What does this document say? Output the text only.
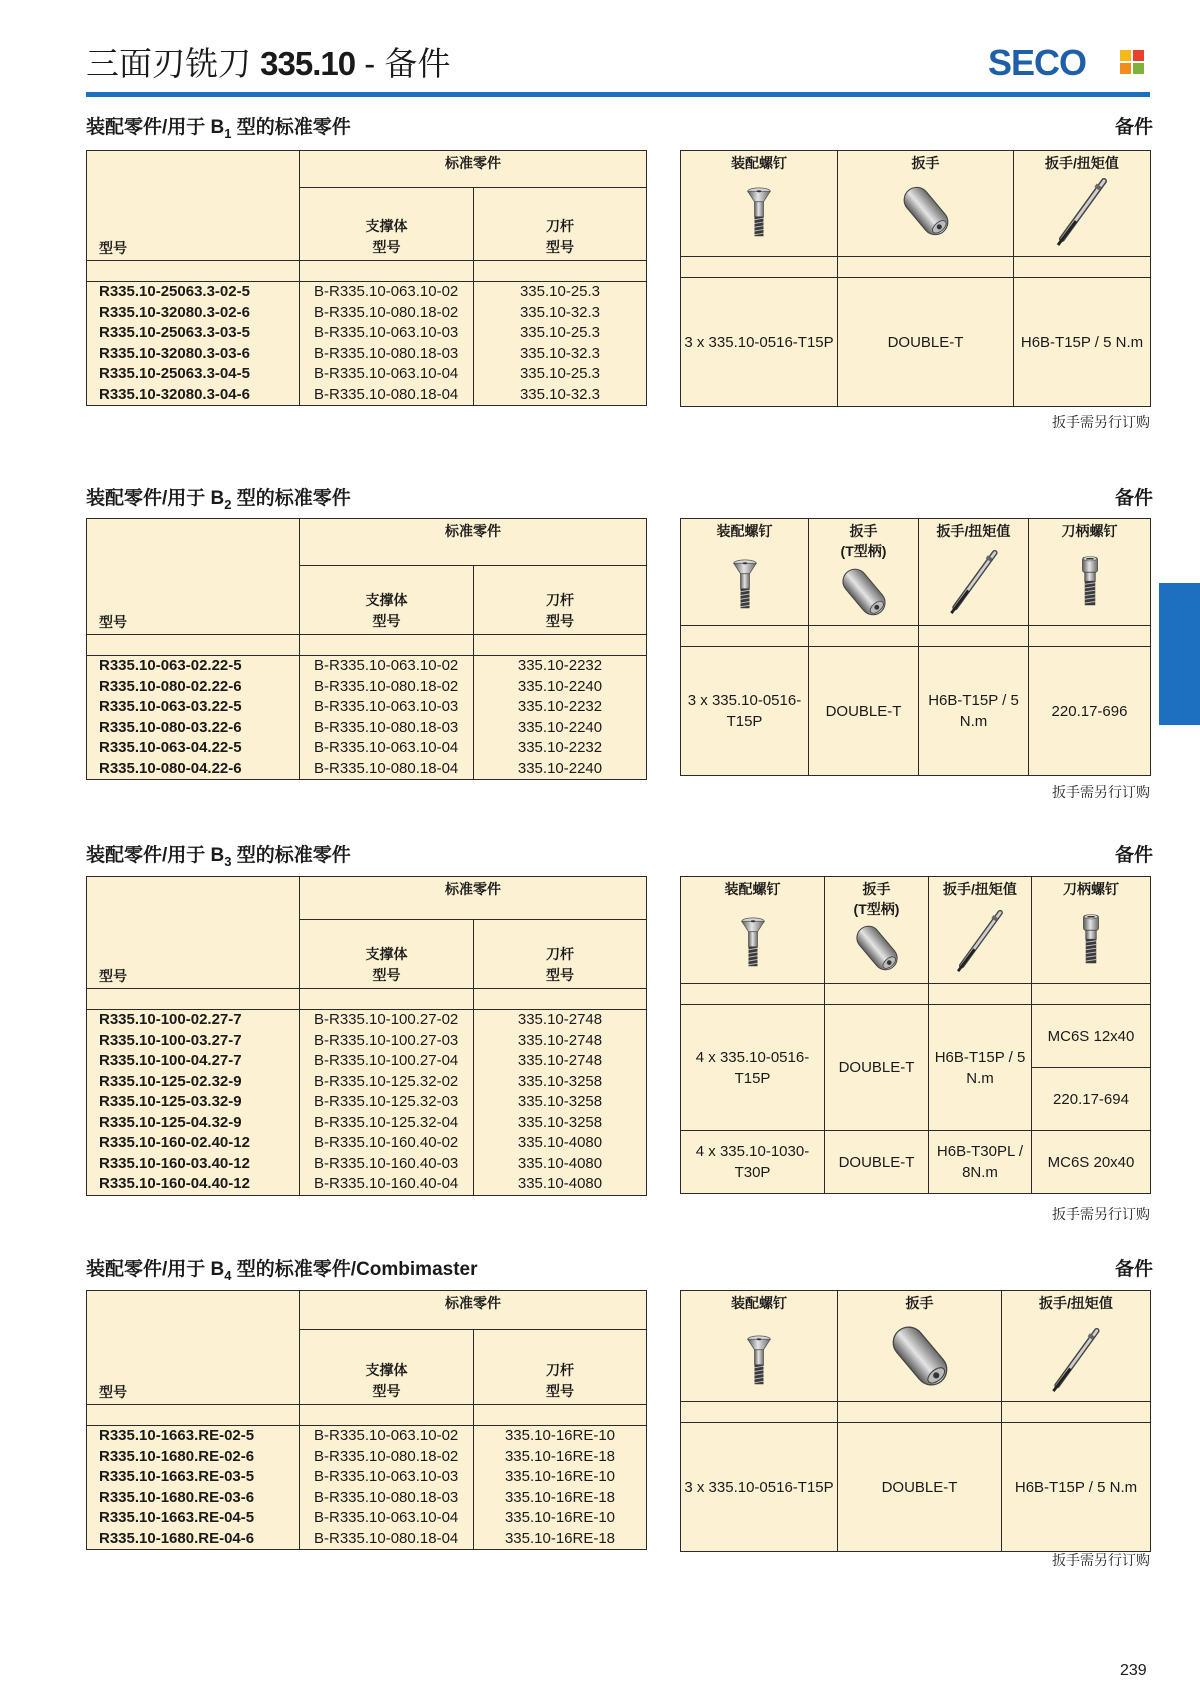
三面刃铣刀 335.10 - 备件	SECO
装配零件/用于 $B_1$ 型的标准零件	备件
型号	标准零件	
	支撑体
型号	刀杆
型号

R335.10-25063.3-02-5	B-R335.10-063.10-02	335.10-25.3
R335.10-32080.3-02-6	B-R335.10-080.18-02	335.10-32.3
R335.10-25063.3-03-5	B-R335.10-063.10-03	335.10-25.3
R335.10-32080.3-03-6	B-R335.10-080.18-03	335.10-32.3
R335.10-25063.3-04-5	B-R335.10-063.10-04	335.10-25.3
R335.10-32080.3-04-6	B-R335.10-080.18-04	335.10-32.3
装配螺钉	扳手	扳手/扭矩值

3 x 335.10-0516-T15P	DOUBLE-T	H6B-T15P / 5 N.m
扳手需另行订购
装配零件/用于 $B_2$ 型的标准零件	备件
型号	标准零件	
	支撑体
型号	刀杆
型号

R335.10-063-02.22-5	B-R335.10-063.10-02	335.10-2232
R335.10-080-02.22-6	B-R335.10-080.18-02	335.10-2240
R335.10-063-03.22-5	B-R335.10-063.10-03	335.10-2232
R335.10-080-03.22-6	B-R335.10-080.18-03	335.10-2240
R335.10-063-04.22-5	B-R335.10-063.10-04	335.10-2232
R335.10-080-04.22-6	B-R335.10-080.18-04	335.10-2240
装配螺钉	扳手
(T型柄)	扳手/扭矩值	刀柄螺钉

3 x 335.10-0516-T15P	DOUBLE-T	H6B-T15P / 5 N.m	220.17-696
扳手需另行订购
装配零件/用于 $B_3$ 型的标准零件	备件
型号	标准零件	
	支撑体
型号	刀杆
型号

R335.10-100-02.27-7	B-R335.10-100.27-02	335.10-2748
R335.10-100-03.27-7	B-R335.10-100.27-03	335.10-2748
R335.10-100-04.27-7	B-R335.10-100.27-04	335.10-2748
R335.10-125-02.32-9	B-R335.10-125.32-02	335.10-3258
R335.10-125-03.32-9	B-R335.10-125.32-03	335.10-3258
R335.10-125-04.32-9	B-R335.10-125.32-04	335.10-3258
R335.10-160-02.40-12	B-R335.10-160.40-02	335.10-4080
R335.10-160-03.40-12	B-R335.10-160.40-03	335.10-4080
R335.10-160-04.40-12	B-R335.10-160.40-04	335.10-4080
装配螺钉	扳手
(T型柄)	扳手/扭矩值	刀柄螺钉

4 x 335.10-0516-T15P	DOUBLE-T	H6B-T15P / 5 N.m	MC6S 12x40
			220.17-694
4 x 335.10-1030-T30P	DOUBLE-T	H6B-T30PL / 8N.m	MC6S 20x40
扳手需另行订购
装配零件/用于 $B_4$ 型的标准零件/Combimaster	备件
型号	标准零件	
	支撑体
型号	刀杆
型号

R335.10-1663.RE-02-5	B-R335.10-063.10-02	335.10-16RE-10
R335.10-1680.RE-02-6	B-R335.10-080.18-02	335.10-16RE-18
R335.10-1663.RE-03-5	B-R335.10-063.10-03	335.10-16RE-10
R335.10-1680.RE-03-6	B-R335.10-080.18-03	335.10-16RE-18
R335.10-1663.RE-04-5	B-R335.10-063.10-04	335.10-16RE-10
R335.10-1680.RE-04-6	B-R335.10-080.18-04	335.10-16RE-18
装配螺钉	扳手	扳手/扭矩值

3 x 335.10-0516-T15P	DOUBLE-T	H6B-T15P / 5 N.m
扳手需另行订购
239
